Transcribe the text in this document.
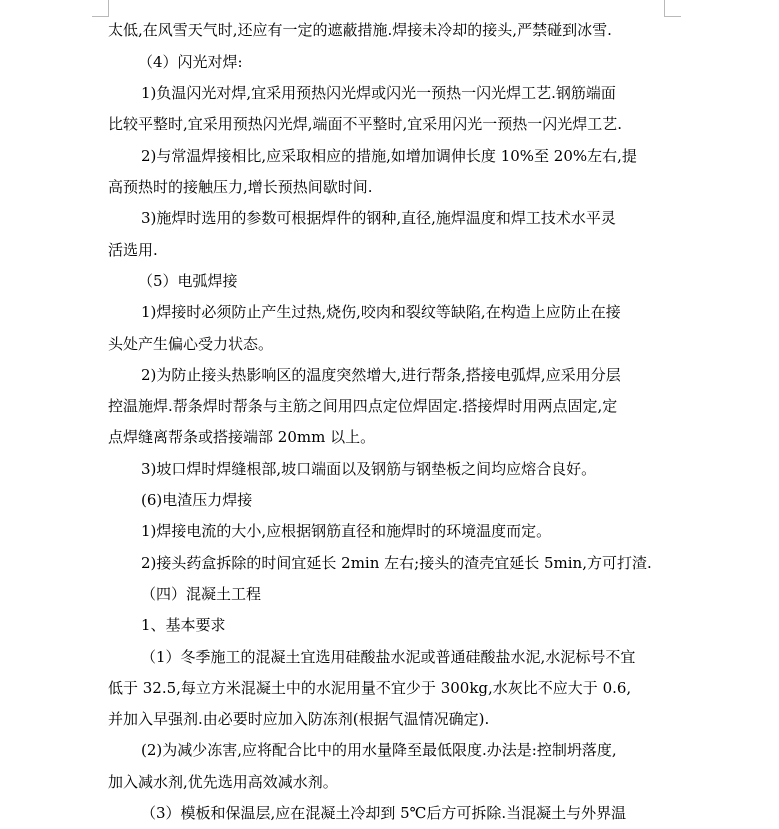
太低,在风雪天气时,还应有一定的遮蔽措施.焊接未冷却的接头,严禁碰到冰雪.

（4）闪光对焊:

1)负温闪光对焊,宜采用预热闪光焊或闪光一预热一闪光焊工艺.钢筋端面

比较平整时,宜采用预热闪光焊,端面不平整时,宜采用闪光一预热一闪光焊工艺.

2)与常温焊接相比,应采取相应的措施,如增加调伸长度 10%至 20%左右,提

高预热时的接触压力,增长预热间歇时间.

3)施焊时选用的参数可根据焊件的钢种,直径,施焊温度和焊工技术水平灵

活选用.

（5）电弧焊接

1)焊接时必须防止产生过热,烧伤,咬肉和裂纹等缺陷,在构造上应防止在接

头处产生偏心受力状态。

2)为防止接头热影响区的温度突然增大,进行帮条,搭接电弧焊,应采用分层

控温施焊.帮条焊时帮条与主筋之间用四点定位焊固定.搭接焊时用两点固定,定

点焊缝离帮条或搭接端部 20mm 以上。

3)坡口焊时焊缝根部,坡口端面以及钢筋与钢垫板之间均应熔合良好。

(6)电渣压力焊接

1)焊接电流的大小,应根据钢筋直径和施焊时的环境温度而定。

2)接头药盒拆除的时间宜延长 2min 左右;接头的渣壳宜延长 5min,方可打渣.

（四）混凝土工程

1、基本要求

（1）冬季施工的混凝土宜选用硅酸盐水泥或普通硅酸盐水泥,水泥标号不宜

低于 32.5,每立方米混凝土中的水泥用量不宜少于 300kg,水灰比不应大于 0.6,

并加入早强剂.由必要时应加入防冻剂(根据气温情况确定).

(2)为减少冻害,应将配合比中的用水量降至最低限度.办法是:控制坍落度,

加入减水剂,优先选用高效减水剂。

（3）模板和保温层,应在混凝土冷却到 5℃后方可拆除.当混凝土与外界温
